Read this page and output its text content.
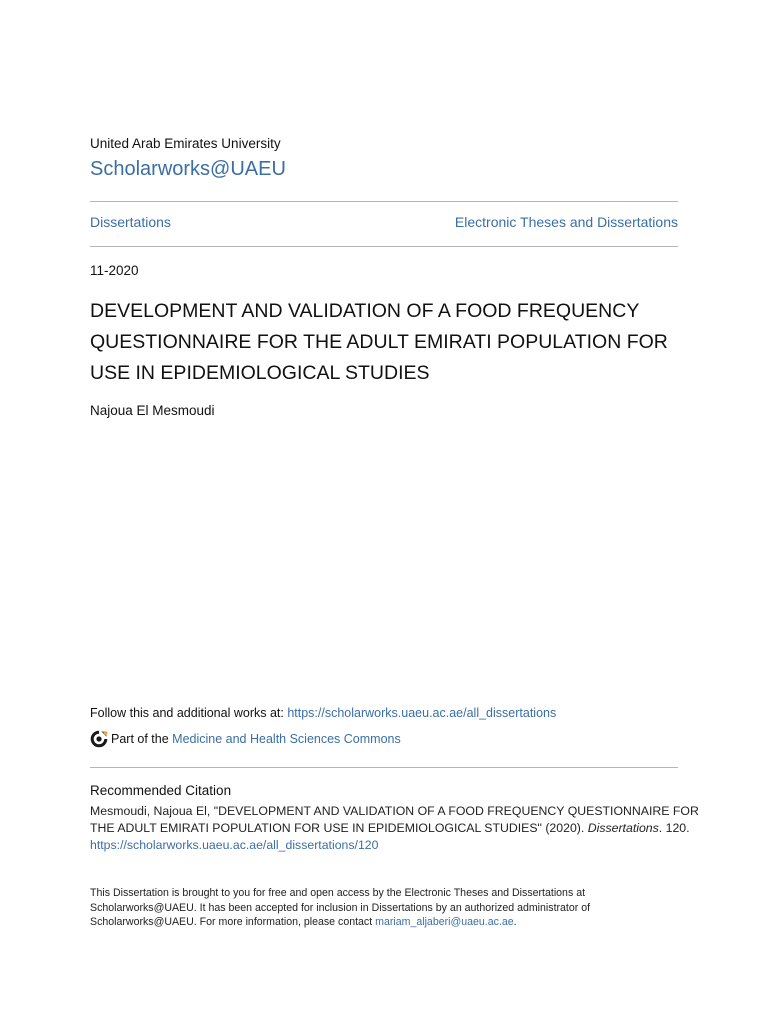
United Arab Emirates University
Scholarworks@UAEU
Dissertations	Electronic Theses and Dissertations
11-2020
DEVELOPMENT AND VALIDATION OF A FOOD FREQUENCY
QUESTIONNAIRE FOR THE ADULT EMIRATI POPULATION FOR
USE IN EPIDEMIOLOGICAL STUDIES
Najoua El Mesmoudi
Follow this and additional works at: https://scholarworks.uaeu.ac.ae/all_dissertations
Part of the Medicine and Health Sciences Commons
Recommended Citation
Mesmoudi, Najoua El, "DEVELOPMENT AND VALIDATION OF A FOOD FREQUENCY QUESTIONNAIRE FOR
THE ADULT EMIRATI POPULATION FOR USE IN EPIDEMIOLOGICAL STUDIES" (2020). Dissertations. 120.
https://scholarworks.uaeu.ac.ae/all_dissertations/120
This Dissertation is brought to you for free and open access by the Electronic Theses and Dissertations at
Scholarworks@UAEU. It has been accepted for inclusion in Dissertations by an authorized administrator of
Scholarworks@UAEU. For more information, please contact mariam_aljaberi@uaeu.ac.ae.
